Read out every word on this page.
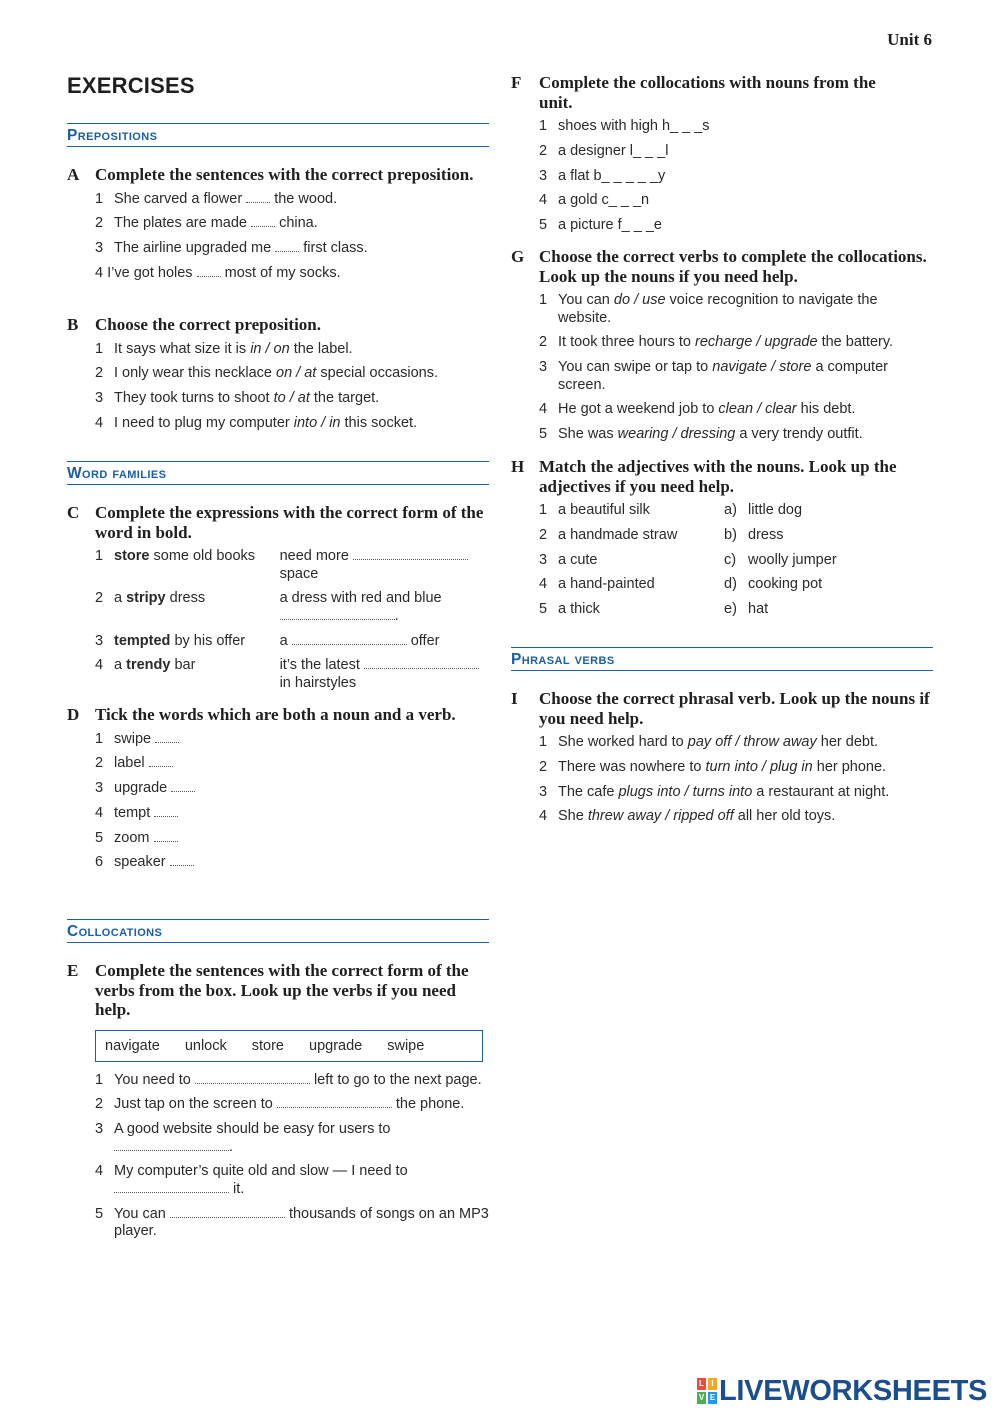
Unit 6
EXERCISES
Prepositions
A Complete the sentences with the correct preposition.
1 She carved a flower the wood.
2 The plates are made china.
3 The airline upgraded me first class.
4 I’ve got holes most of my socks.
B Choose the correct preposition.
1 It says what size it is in / on the label.
2 I only wear this necklace on / at special occasions.
3 They took turns to shoot to / at the target.
4 I need to plug my computer into / in this socket.
Word families
C Complete the expressions with the correct form of the word in bold.
1 store some old books	need more  space
2 a stripy dress	a dress with red and blue .
3 tempted by his offer	a	offer
4 a trendy bar	it’s the latest  in hairstyles
D Tick the words which are both a noun and a verb.
1 swipe
2 label
3 upgrade
4 tempt
5 zoom
6 speaker
Collocations
E Complete the sentences with the correct form of the verbs from the box. Look up the verbs if you need help.
navigate unlock store upgrade swipe
1 You need to	left to go to the next page.
2 Just tap on the screen to	the phone.
3 A good website should be easy for users to .
4 My computer’s quite old and slow — I need to  it.
5 You can	thousands of songs on an MP3 player.
F Complete the collocations with nouns from the unit.
1 shoes with high h_ _ _s
2 a designer l_ _ _l
3 a flat b_ _ _ _ _y
4 a gold c_ _ _n
5 a picture f_ _ _e
G Choose the correct verbs to complete the collocations. Look up the nouns if you need help.
1 You can do / use voice recognition to navigate the website.
2 It took three hours to recharge / upgrade the battery.
3 You can swipe or tap to navigate / store a computer screen.
4 He got a weekend job to clean / clear his debt.
5 She was wearing / dressing a very trendy outfit.
H Match the adjectives with the nouns. Look up the adjectives if you need help.
1 a beautiful silk	a) little dog
2 a handmade straw	b) dress
3 a cute	c) woolly jumper
4 a hand-painted	d) cooking pot
5 a thick	e) hat
Phrasal verbs
I Choose the correct phrasal verb. Look up the nouns if you need help.
1 She worked hard to pay off / throw away her debt.
2 There was nowhere to turn into / plug in her phone.
3 The cafe plugs into / turns into a restaurant at night.
4 She threw away / ripped off all her old toys.
L I
V E LIVEWORKSHEETS
